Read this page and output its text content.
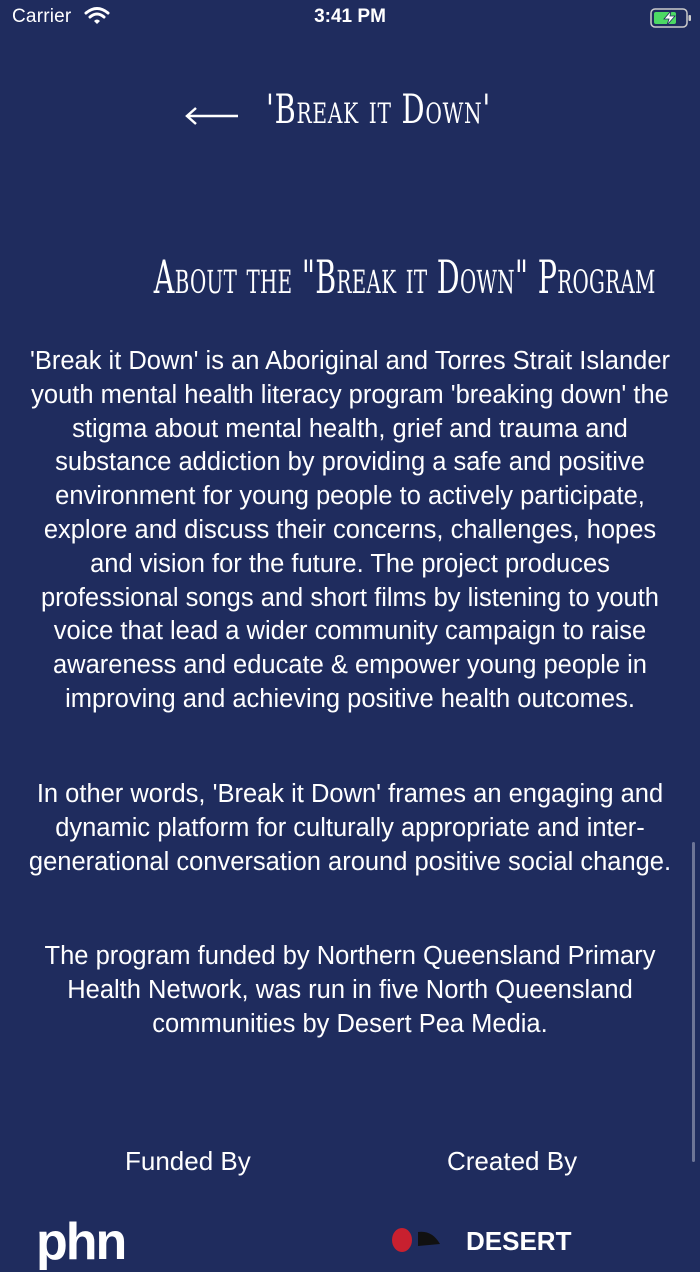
Carrier	3:41 PM
'Break it Down'
About the "Break it Down" Program

'Break it Down' is an Aboriginal and Torres Strait Islander youth mental health literacy program 'breaking down' the stigma about mental health, grief and trauma and substance addiction by providing a safe and positive environment for young people to actively participate, explore and discuss their concerns, challenges, hopes and vision for the future. The project produces professional songs and short films by listening to youth voice that lead a wider community campaign to raise awareness and educate & empower young people in improving and achieving positive health outcomes.

In other words, 'Break it Down' frames an engaging and dynamic platform for culturally appropriate and inter-generational conversation around positive social change.

The program funded by Northern Queensland Primary Health Network, was run in five North Queensland communities by Desert Pea Media.

Funded By	Created By
phn	DESERT
